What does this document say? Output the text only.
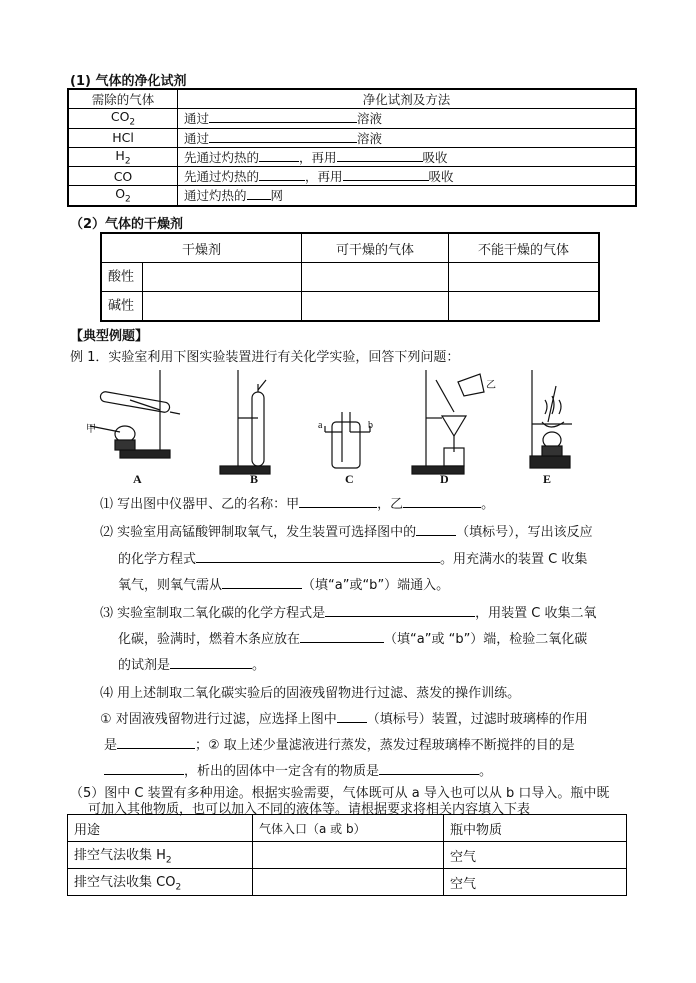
(1) 气体的净化试剂
需除的气体	净化试剂及方法
$CO_2$	通过 溶液
HCl	通过 溶液
$H_2$	先通过灼热的 ，再用 吸收
CO	先通过灼热的 ，再用 吸收
$O_2$	通过灼热的 网
（2）气体的干燥剂
干燥剂	可干燥的气体	不能干燥的气体
酸性		
碱性		
【典型例题】
例 1．实验室利用下图实验装置进行有关化学实验，回答下列问题：
A	B	C	D	E
甲
乙
a	b
⑴ 写出图中仪器甲、乙的名称：甲	，乙	。
⑵ 实验室用高锰酸钾制取氧气，发生装置可选择图中的	（填标号），写出该反应
的化学方程式	。用充满水的装置 C 收集
氧气，则氧气需从	（填“a”或“b”）端通入。
⑶ 实验室制取二氧化碳的化学方程式是	，用装置 C 收集二氧
化碳，验满时，燃着木条应放在	（填“a”或 “b”）端，检验二氧化碳
的试剂是	。
⑷ 用上述制取二氧化碳实验后的固液残留物进行过滤、蒸发的操作训练。
① 对固液残留物进行过滤，应选择上图中 （填标号）装置，过滤时玻璃棒的作用
是	；② 取上述少量滤液进行蒸发，蒸发过程玻璃棒不断搅拌的目的是
，析出的固体中一定含有的物质是	。
（5）图中 C 装置有多种用途。根据实验需要，气体既可从 a 导入也可以从 b 口导入。瓶中既
可加入其他物质，也可以加入不同的液体等。请根据要求将相关内容填入下表
用途	气体入口（a 或 b）	瓶中物质
排空气法收集 $H_2$		空气
排空气法收集 $CO_2$		空气
